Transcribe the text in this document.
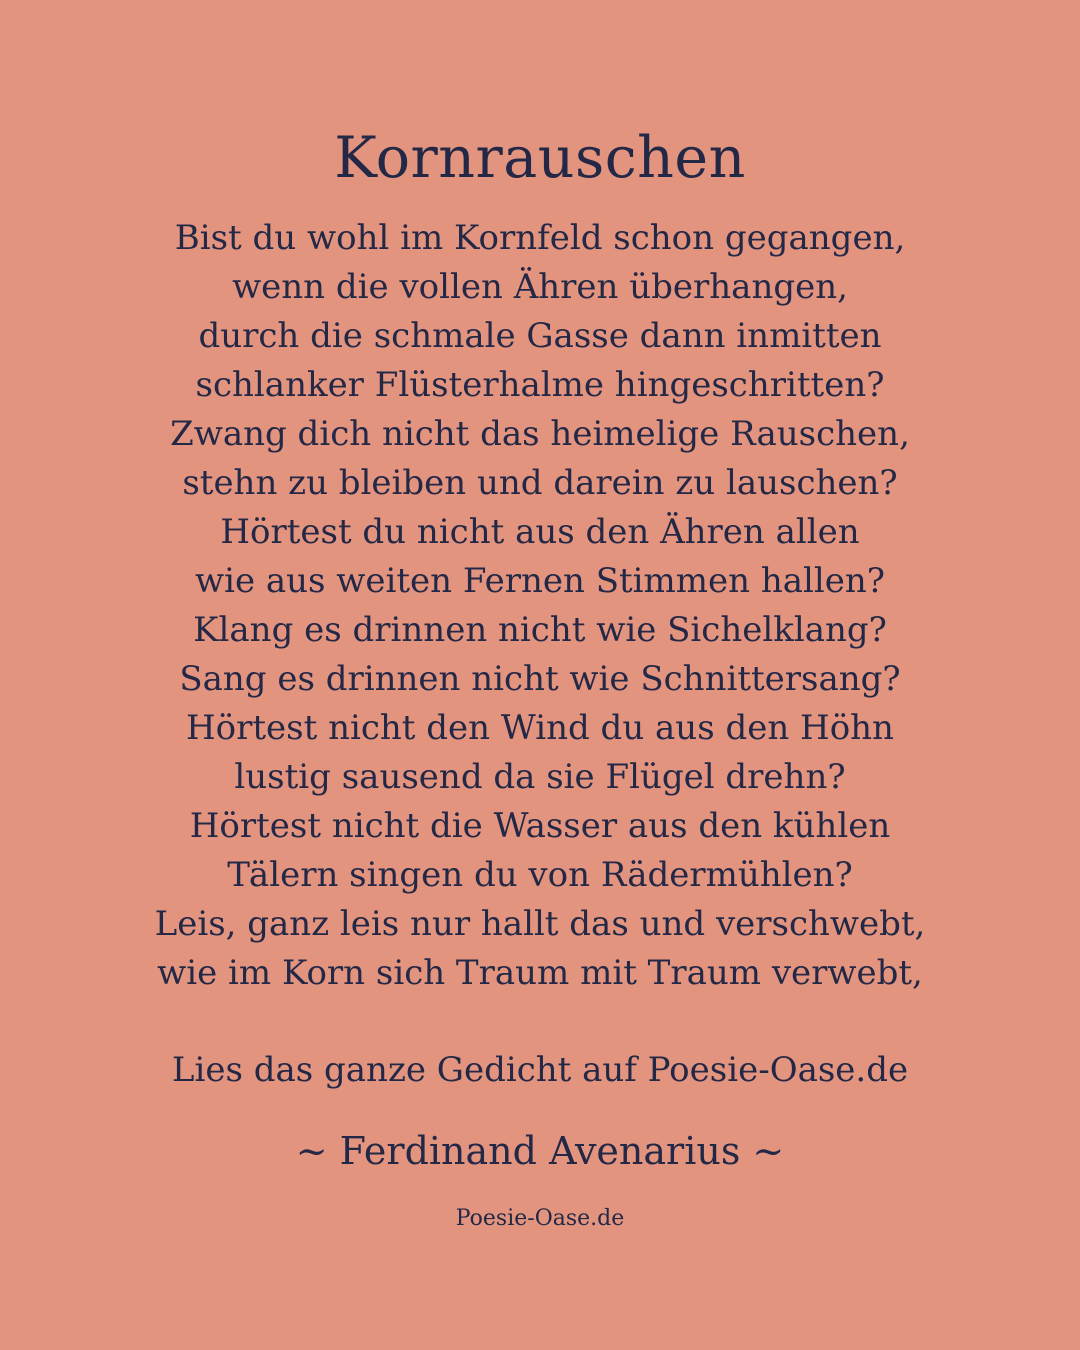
Kornrauschen
Bist du wohl im Kornfeld schon gegangen,
wenn die vollen Ähren überhangen,
durch die schmale Gasse dann inmitten
schlanker Flüsterhalme hingeschritten?
Zwang dich nicht das heimelige Rauschen,
stehn zu bleiben und darein zu lauschen?
Hörtest du nicht aus den Ähren allen
wie aus weiten Fernen Stimmen hallen?
Klang es drinnen nicht wie Sichelklang?
Sang es drinnen nicht wie Schnittersang?
Hörtest nicht den Wind du aus den Höhn
lustig sausend da sie Flügel drehn?
Hörtest nicht die Wasser aus den kühlen
Tälern singen du von Rädermühlen?
Leis, ganz leis nur hallt das und verschwebt,
wie im Korn sich Traum mit Traum verwebt,
Lies das ganze Gedicht auf Poesie-Oase.de
~ Ferdinand Avenarius ~
Poesie-Oase.de
